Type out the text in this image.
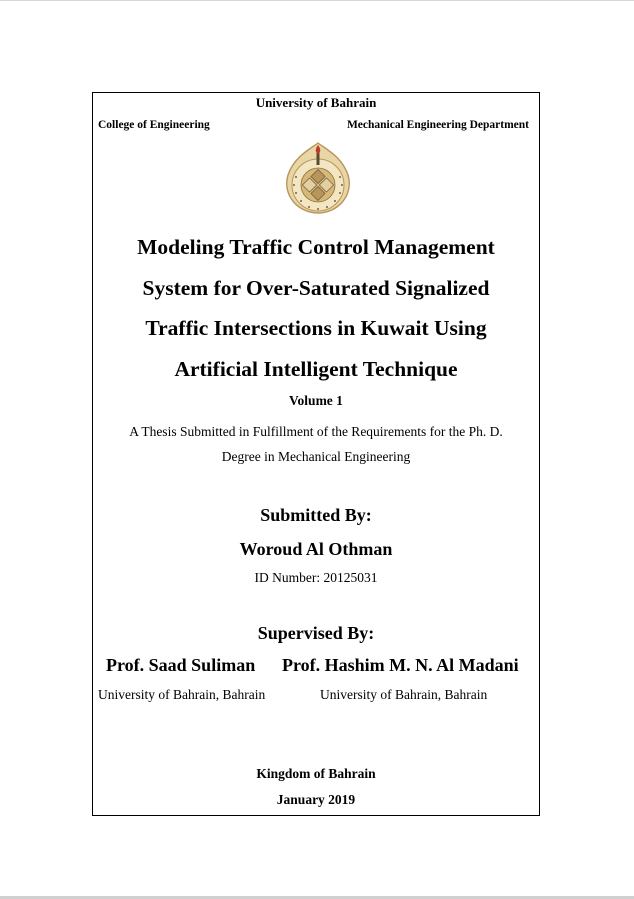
University of Bahrain
College of Engineering	Mechanical Engineering Department
Modeling Traffic Control Management
System for Over-Saturated Signalized
Traffic Intersections in Kuwait Using
Artificial Intelligent Technique
Volume 1
A Thesis Submitted in Fulfillment of the Requirements for the Ph. D.
Degree in Mechanical Engineering
Submitted By:
Woroud Al Othman
ID Number: 20125031
Supervised By:
Prof. Saad Suliman Prof. Hashim M. N. Al Madani
University of Bahrain, Bahrain	University of Bahrain, Bahrain
Kingdom of Bahrain
January 2019
